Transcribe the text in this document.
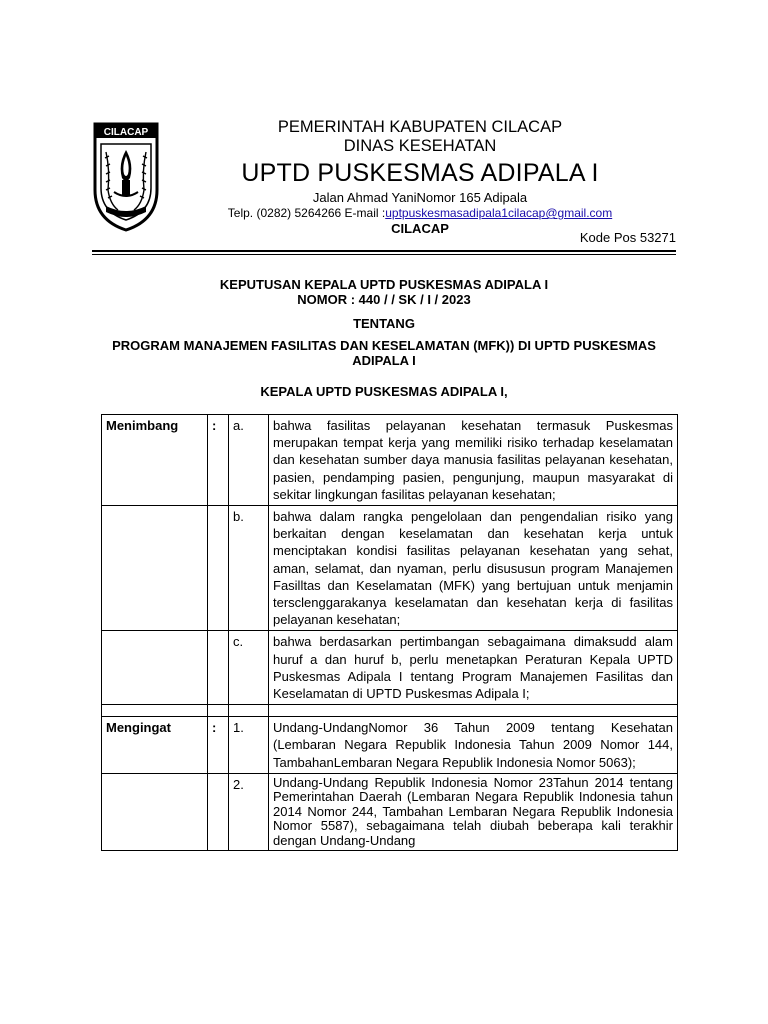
CILACAP	PEMERINTAH KABUPATEN CILACAP

DINAS KESEHATAN

UPTD PUSKESMAS ADIPALA I

Jalan Ahmad YaniNomor 165 Adipala

Telp. (0282) 5264266 E-mail :uptpuskesmasadipala1cilacap@gmail.com

CILACAP

Kode Pos 53271
KEPUTUSAN KEPALA UPTD PUSKESMAS ADIPALA I
NOMOR : 440 / / SK / I / 2023
TENTANG
PROGRAM MANAJEMEN FASILITAS DAN KESELAMATAN (MFK)) DI UPTD PUSKESMAS ADIPALA I
KEPALA UPTD PUSKESMAS ADIPALA I,
Menimbang	:	a.	bahwa fasilitas pelayanan kesehatan termasuk Puskesmas merupakan tempat kerja yang memiliki risiko terhadap keselamatan dan kesehatan sumber daya manusia fasilitas pelayanan kesehatan, pasien, pendamping pasien, pengunjung, maupun masyarakat di sekitar lingkungan fasilitas pelayanan kesehatan;
		b.	bahwa dalam rangka pengelolaan dan pengendalian risiko yang berkaitan dengan keselamatan dan kesehatan kerja untuk menciptakan kondisi fasilitas pelayanan kesehatan yang sehat, aman, selamat, dan nyaman, perlu disususun program Manajemen Fasilltas dan Keselamatan (MFK) yang bertujuan untuk menjamin tersclenggarakanya keselamatan dan kesehatan kerja di fasilitas pelayanan kesehatan;
		c.	bahwa berdasarkan pertimbangan sebagaimana dimaksudd alam huruf a dan huruf b, perlu menetapkan Peraturan Kepala UPTD Puskesmas Adipala I tentang Program Manajemen Fasilitas dan Keselamatan di UPTD Puskesmas Adipala I;

Mengingat	:	1.	Undang-UndangNomor 36 Tahun 2009 tentang Kesehatan (Lembaran Negara Republik Indonesia Tahun 2009 Nomor 144, TambahanLembaran Negara Republik Indonesia Nomor 5063);
		2.	Undang-Undang Republik Indonesia Nomor 23Tahun 2014 tentang Pemerintahan Daerah (Lembaran Negara Republik Indonesia tahun 2014 Nomor 244, Tambahan Lembaran Negara Republik Indonesia Nomor 5587), sebagaimana telah diubah beberapa kali terakhir dengan Undang-Undang
